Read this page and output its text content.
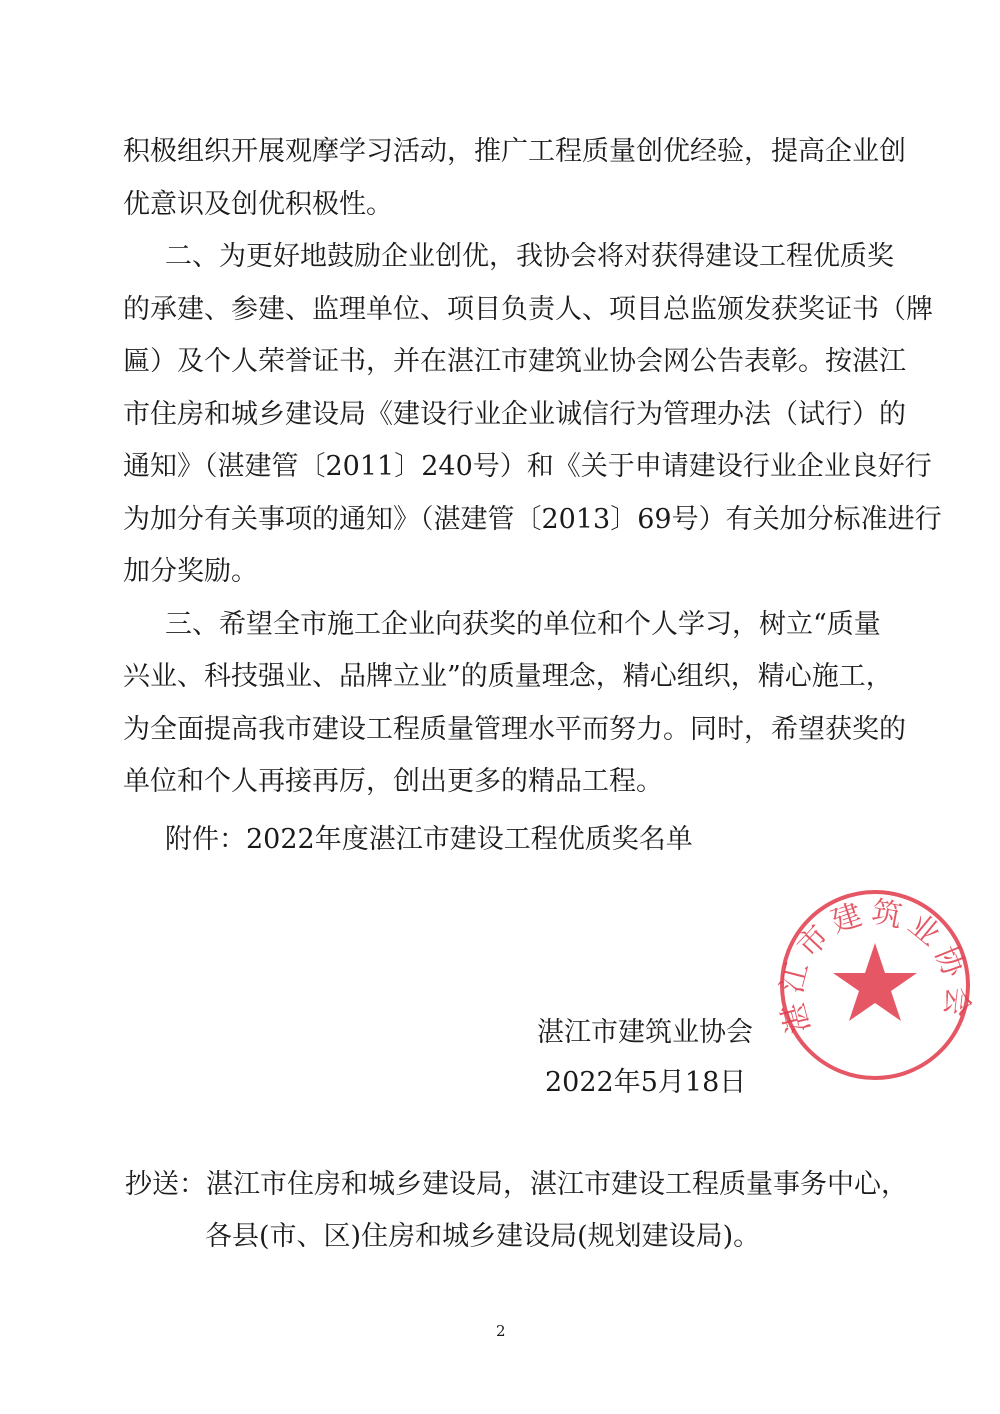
积极组织开展观摩学习活动，推广工程质量创优经验，提高企业创
优意识及创优积极性。
二、为更好地鼓励企业创优，我协会将对获得建设工程优质奖
的承建、参建、监理单位、项目负责人、项目总监颁发获奖证书（牌
匾）及个人荣誉证书，并在湛江市建筑业协会网公告表彰。按湛江
市住房和城乡建设局《建设行业企业诚信行为管理办法（试行）的
通知》（湛建管〔2011〕240号）和《关于申请建设行业企业良好行
为加分有关事项的通知》（湛建管〔2013〕69号）有关加分标准进行
加分奖励。
三、希望全市施工企业向获奖的单位和个人学习，树立“质量
兴业、科技强业、品牌立业”的质量理念，精心组织，精心施工，
为全面提高我市建设工程质量管理水平而努力。同时，希望获奖的
单位和个人再接再厉，创出更多的精品工程。
附件：2022年度湛江市建设工程优质奖名单
湛江市建筑业协会
湛江市建筑业协会
2022年5月18日
抄送：湛江市住房和城乡建设局，湛江市建设工程质量事务中心，
各县(市、区)住房和城乡建设局(规划建设局)。
2
